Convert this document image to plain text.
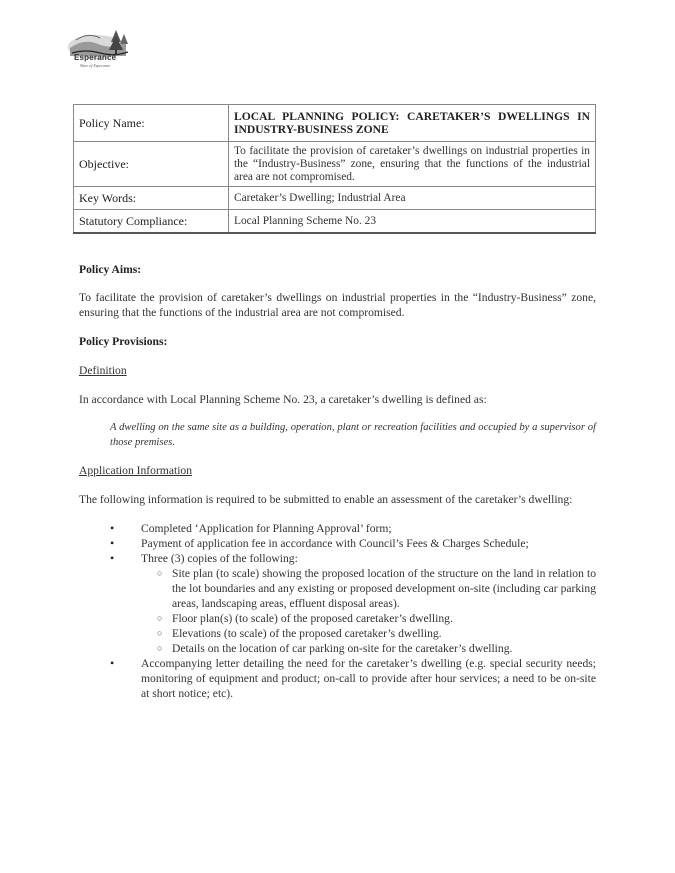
Esperance
Shire of Esperance
Policy Name:	LOCAL PLANNING POLICY: CARETAKER’S DWELLINGS IN INDUSTRY-BUSINESS ZONE
Objective:	To facilitate the provision of caretaker’s dwellings on industrial properties in the “Industry-Business” zone, ensuring that the functions of the industrial area are not compromised.
Key Words:	Caretaker’s Dwelling; Industrial Area
Statutory Compliance:	Local Planning Scheme No. 23

Policy Aims:

To facilitate the provision of caretaker’s dwellings on industrial properties in the “Industry-Business” zone, ensuring that the functions of the industrial area are not compromised.

Policy Provisions:

Definition

In accordance with Local Planning Scheme No. 23, a caretaker’s dwelling is defined as:

A dwelling on the same site as a building, operation, plant or recreation facilities and occupied by a supervisor of those premises.

Application Information

The following information is required to be submitted to enable an assessment of the caretaker’s dwelling:

• Completed ‘Application for Planning Approval’ form;
• Payment of application fee in accordance with Council’s Fees & Charges Schedule;
• Three (3) copies of the following:
○ Site plan (to scale) showing the proposed location of the structure on the land in relation to the lot boundaries and any existing or proposed development on-site (including car parking areas, landscaping areas, effluent disposal areas).
○ Floor plan(s) (to scale) of the proposed caretaker’s dwelling.
○ Elevations (to scale) of the proposed caretaker’s dwelling.
○ Details on the location of car parking on-site for the caretaker’s dwelling.
• Accompanying letter detailing the need for the caretaker’s dwelling (e.g. special security needs; monitoring of equipment and product; on-call to provide after hour services; a need to be on-site at short notice; etc).
